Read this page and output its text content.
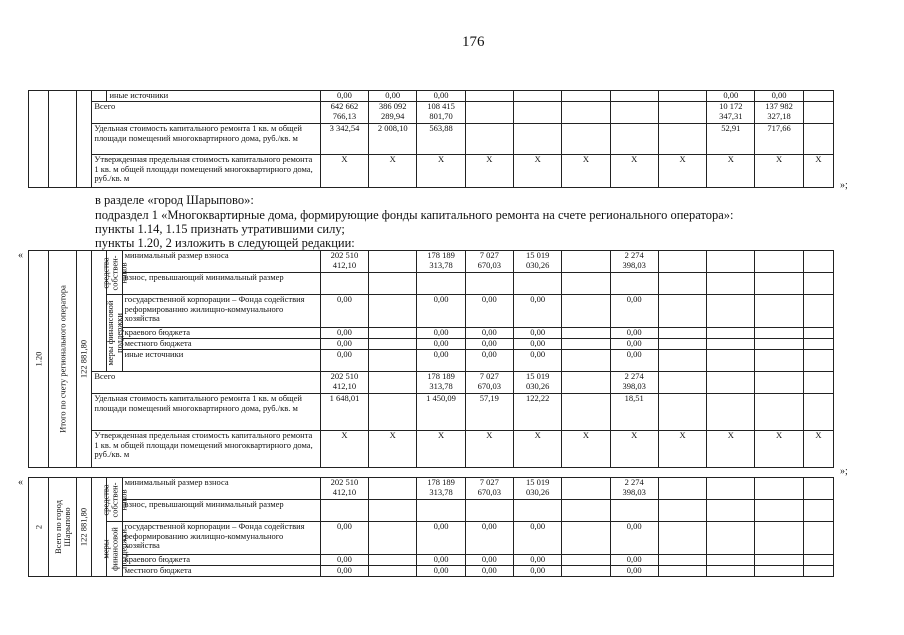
176
				иные источники	0,00	0,00	0,00						0,00	0,00	
			Всего		642 662 766,13	386 092 289,94	108 415 801,70						10 172 347,31	137 982 327,18	
			Удельная стоимость капитального ремонта 1 кв. м общей площади помещений многоквартирного дома, руб./кв. м		3 342,54	2 008,10	563,88						52,91	717,66	
			Утвержденная предельная стоимость капитального ремонта 1 кв. м общей площади помещений многоквартирного дома, руб./кв. м		X	X	X	X	X	X	X	X	X	X	X
»;
в разделе «город Шарыпово»:
подраздел 1 «Многоквартирные дома, формирующие фонды капитального ремонта на счете регионального оператора»:
пункты 1.14, 1.15 признать утратившими силу;
пункты 1.20, 2 изложить в следующей редакции:
«
1.20	Итого по счету регионального оператора	122 881,80		средства собствен- ников	минимальный размер взноса	202 510 412,10		178 189 313,78	7 027 670,03	15 019 030,26		2 274 398,03				
					взнос, превышающий минимальный размер											

				меры финансовой поддержки	государственной корпорации – Фонда содействия реформированию жилищно-коммунального хозяйства	0,00		0,00	0,00	0,00		0,00				
					краевого бюджета	0,00		0,00	0,00	0,00		0,00				
					местного бюджета	0,00		0,00	0,00	0,00		0,00				
					иные источники	0,00		0,00	0,00	0,00		0,00				
			Всего			202 510 412,10		178 189 313,78	7 027 670,03	15 019 030,26		2 274 398,03				
			Удельная стоимость капитального ремонта 1 кв. м общей площади помещений многоквартирного дома, руб./кв. м			1 648,01		1 450,09	57,19	122,22		18,51				
			Утвержденная предельная стоимость капитального ремонта 1 кв. м общей площади помещений многоквартирного дома, руб./кв. м			X	X	X	X	X	X	X	X	X	X	X
»;
«
2	Всего по город Шарыпово	122 881,80		средства собствен- ников	минимальный размер взноса	202 510 412,10		178 189 313,78	7 027 670,03	15 019 030,26		2 274 398,03				
					взнос, превышающий минимальный размер											

				меры финансовой поддержки	государственной корпорации – Фонда содействия реформированию жилищно-коммунального хозяйства	0,00		0,00	0,00	0,00		0,00				
					краевого бюджета	0,00		0,00	0,00	0,00		0,00				
					местного бюджета	0,00		0,00	0,00	0,00		0,00				
